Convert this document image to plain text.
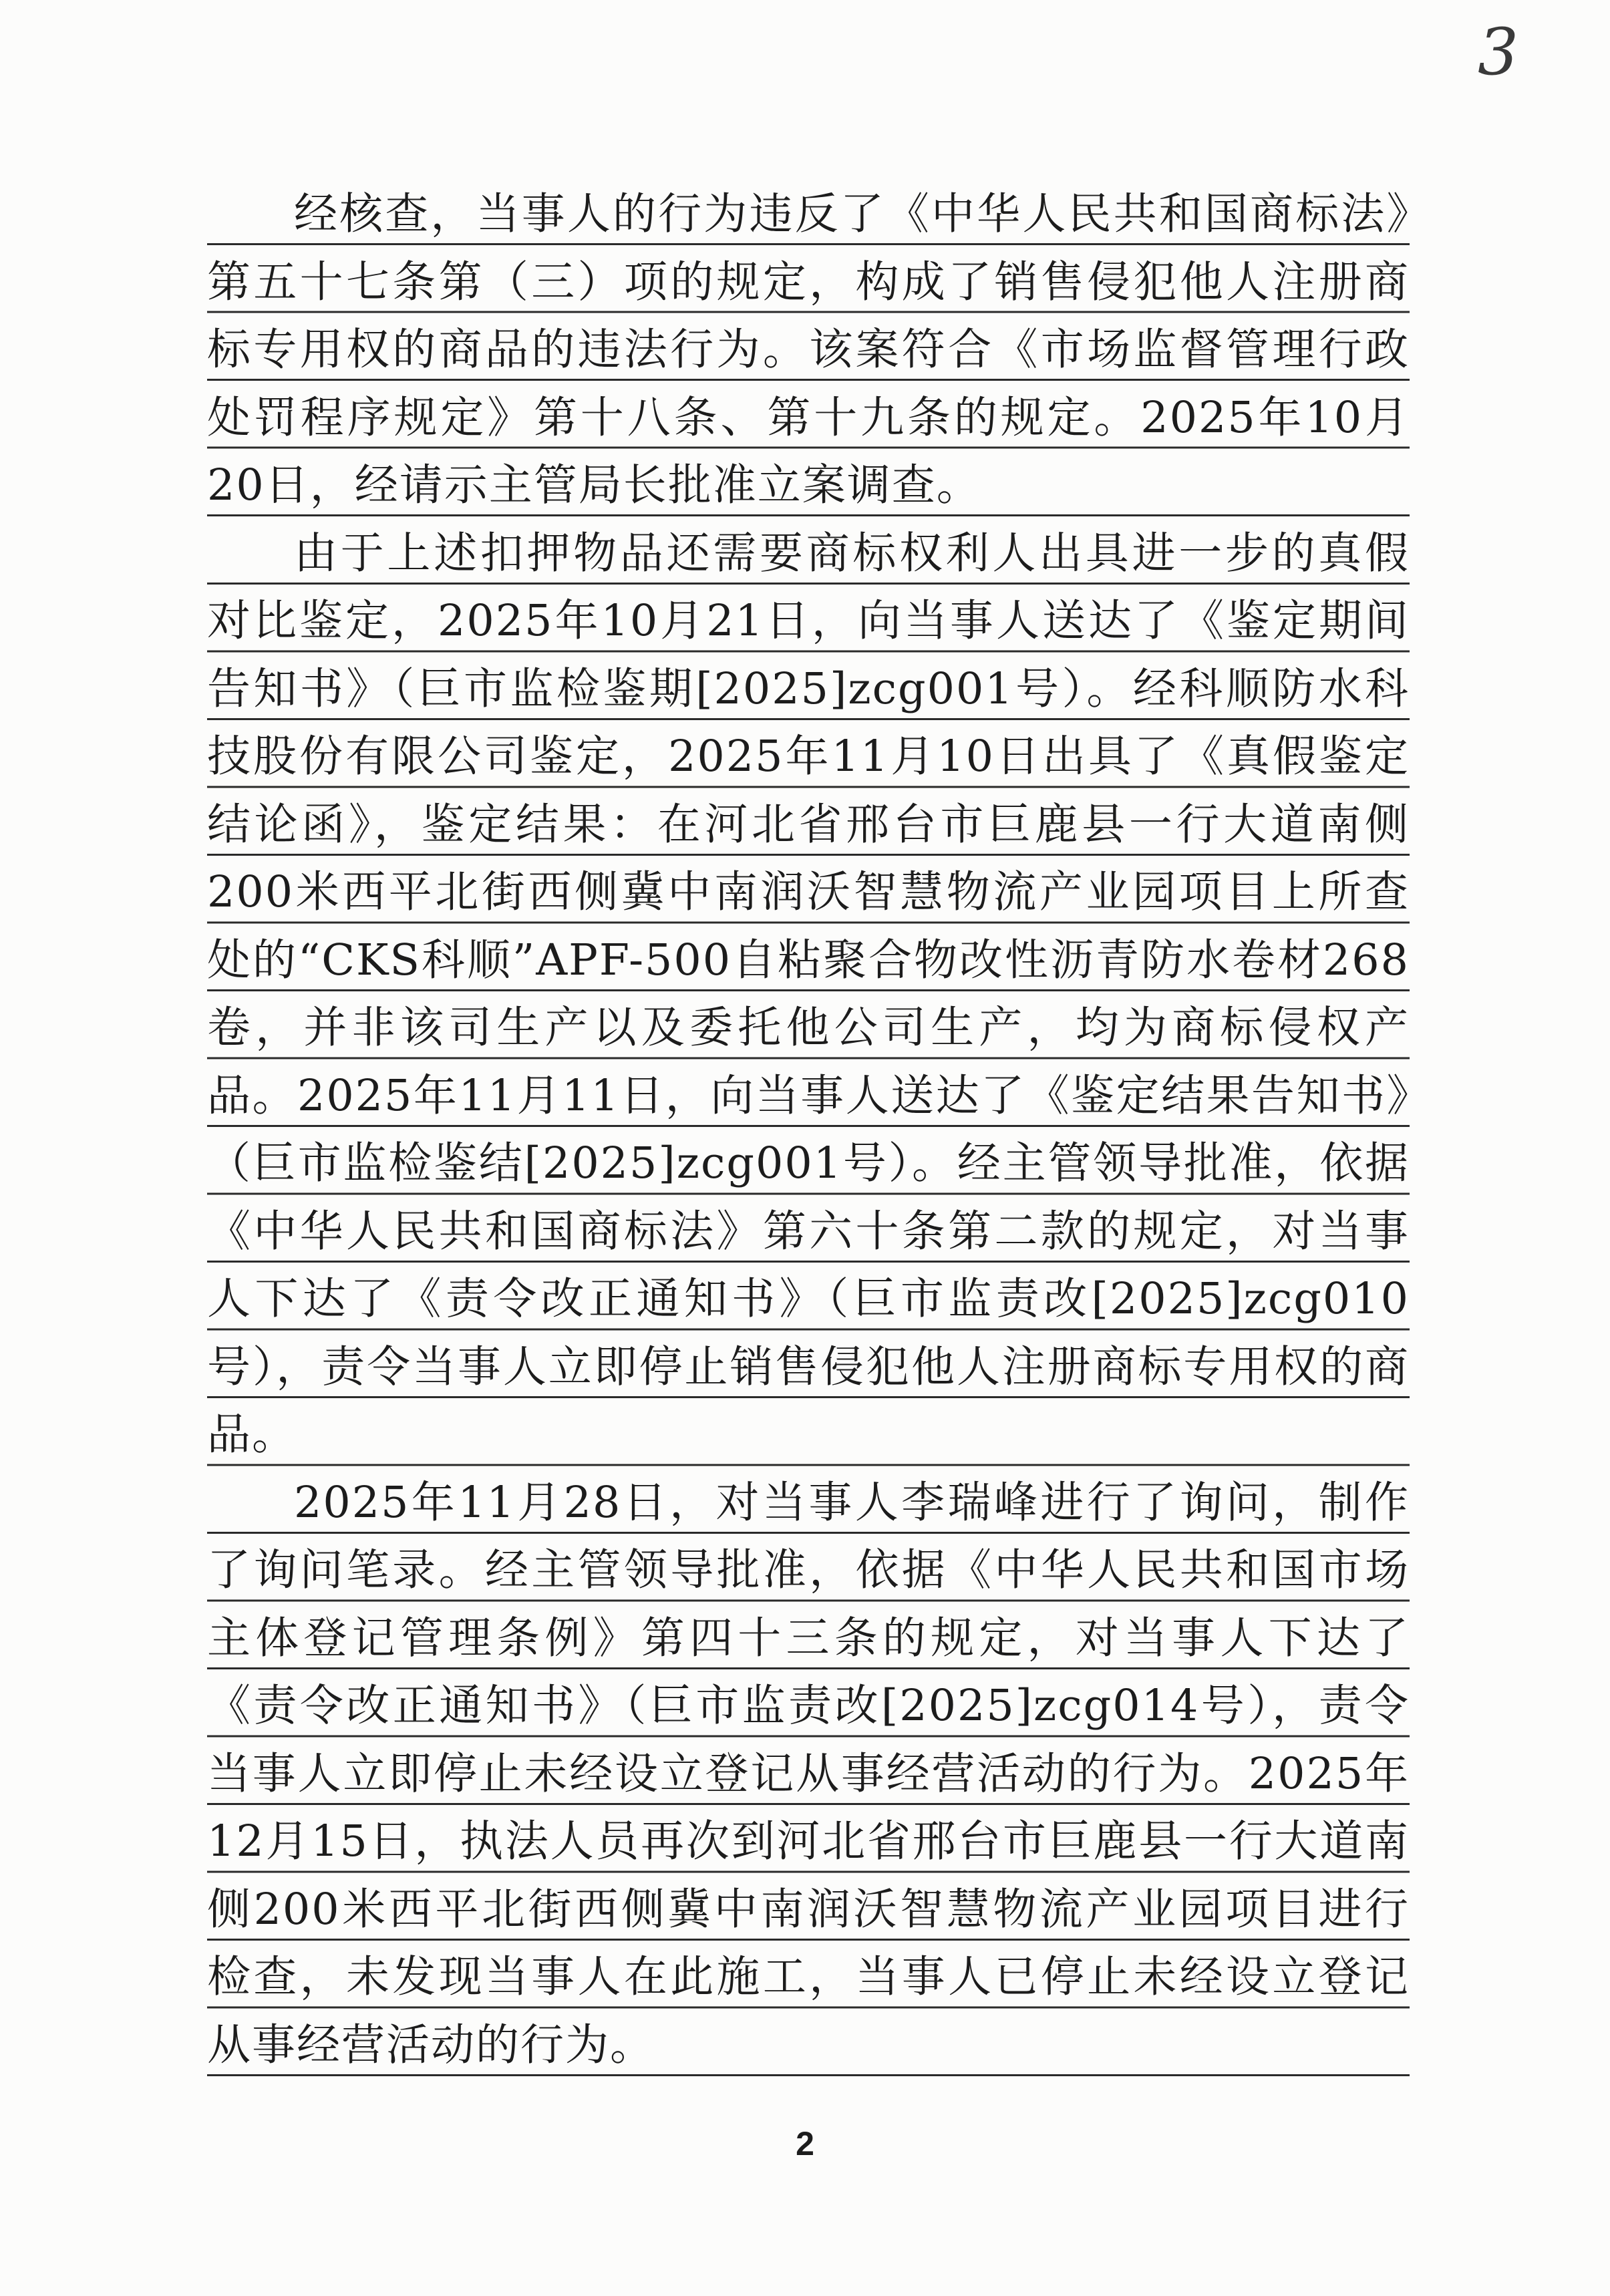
3

经核查，当事人的行为违反了《中华人民共和国商标法》第五十七条第（三）项的规定，构成了销售侵犯他人注册商标专用权的商品的违法行为。该案符合《市场监督管理行政处罚程序规定》第十八条、第十九条的规定。2025年10月20日，经请示主管局长批准立案调查。

由于上述扣押物品还需要商标权利人出具进一步的真假对比鉴定，2025年10月21日，向当事人送达了《鉴定期间告知书》（巨市监检鉴期[2025]zcg001号）。经科顺防水科技股份有限公司鉴定，2025年11月10日出具了《真假鉴定结论函》，鉴定结果：在河北省邢台市巨鹿县一行大道南侧200米西平北街西侧冀中南润沃智慧物流产业园项目上所查处的“CKS科顺”APF-500自粘聚合物改性沥青防水卷材268卷，并非该司生产以及委托他公司生产，均为商标侵权产品。2025年11月11日，向当事人送达了《鉴定结果告知书》（巨市监检鉴结[2025]zcg001号）。经主管领导批准，依据《中华人民共和国商标法》第六十条第二款的规定，对当事人下达了《责令改正通知书》（巨市监责改[2025]zcg010号），责令当事人立即停止销售侵犯他人注册商标专用权的商品。

2025年11月28日，对当事人李瑞峰进行了询问，制作了询问笔录。经主管领导批准，依据《中华人民共和国市场主体登记管理条例》第四十三条的规定，对当事人下达了《责令改正通知书》（巨市监责改[2025]zcg014号），责令当事人立即停止未经设立登记从事经营活动的行为。2025年12月15日，执法人员再次到河北省邢台市巨鹿县一行大道南侧200米西平北街西侧冀中南润沃智慧物流产业园项目进行检查，未发现当事人在此施工，当事人已停止未经设立登记从事经营活动的行为。

2
